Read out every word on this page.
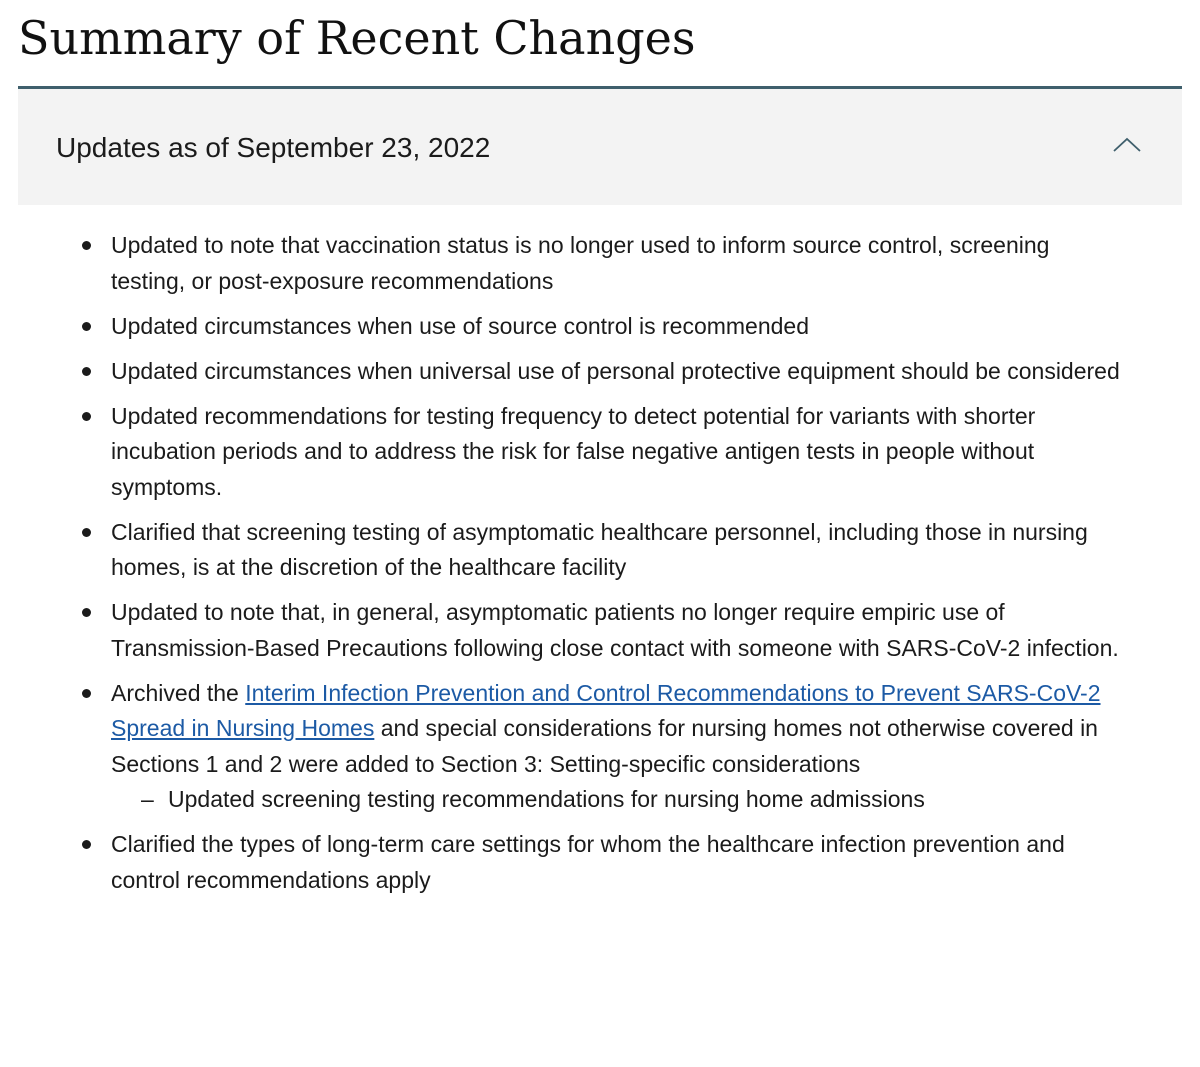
Summary of Recent Changes
Updates as of September 23, 2022
Updated to note that vaccination status is no longer used to inform source control, screening testing, or post-exposure recommendations
Updated circumstances when use of source control is recommended
Updated circumstances when universal use of personal protective equipment should be considered
Updated recommendations for testing frequency to detect potential for variants with shorter incubation periods and to address the risk for false negative antigen tests in people without symptoms.
Clarified that screening testing of asymptomatic healthcare personnel, including those in nursing homes, is at the discretion of the healthcare facility
Updated to note that, in general, asymptomatic patients no longer require empiric use of Transmission-Based Precautions following close contact with someone with SARS-CoV-2 infection.
Archived the Interim Infection Prevention and Control Recommendations to Prevent SARS-CoV-2 Spread in Nursing Homes and special considerations for nursing homes not otherwise covered in Sections 1 and 2 were added to Section 3: Setting-specific considerations
– Updated screening testing recommendations for nursing home admissions
Clarified the types of long-term care settings for whom the healthcare infection prevention and control recommendations apply
